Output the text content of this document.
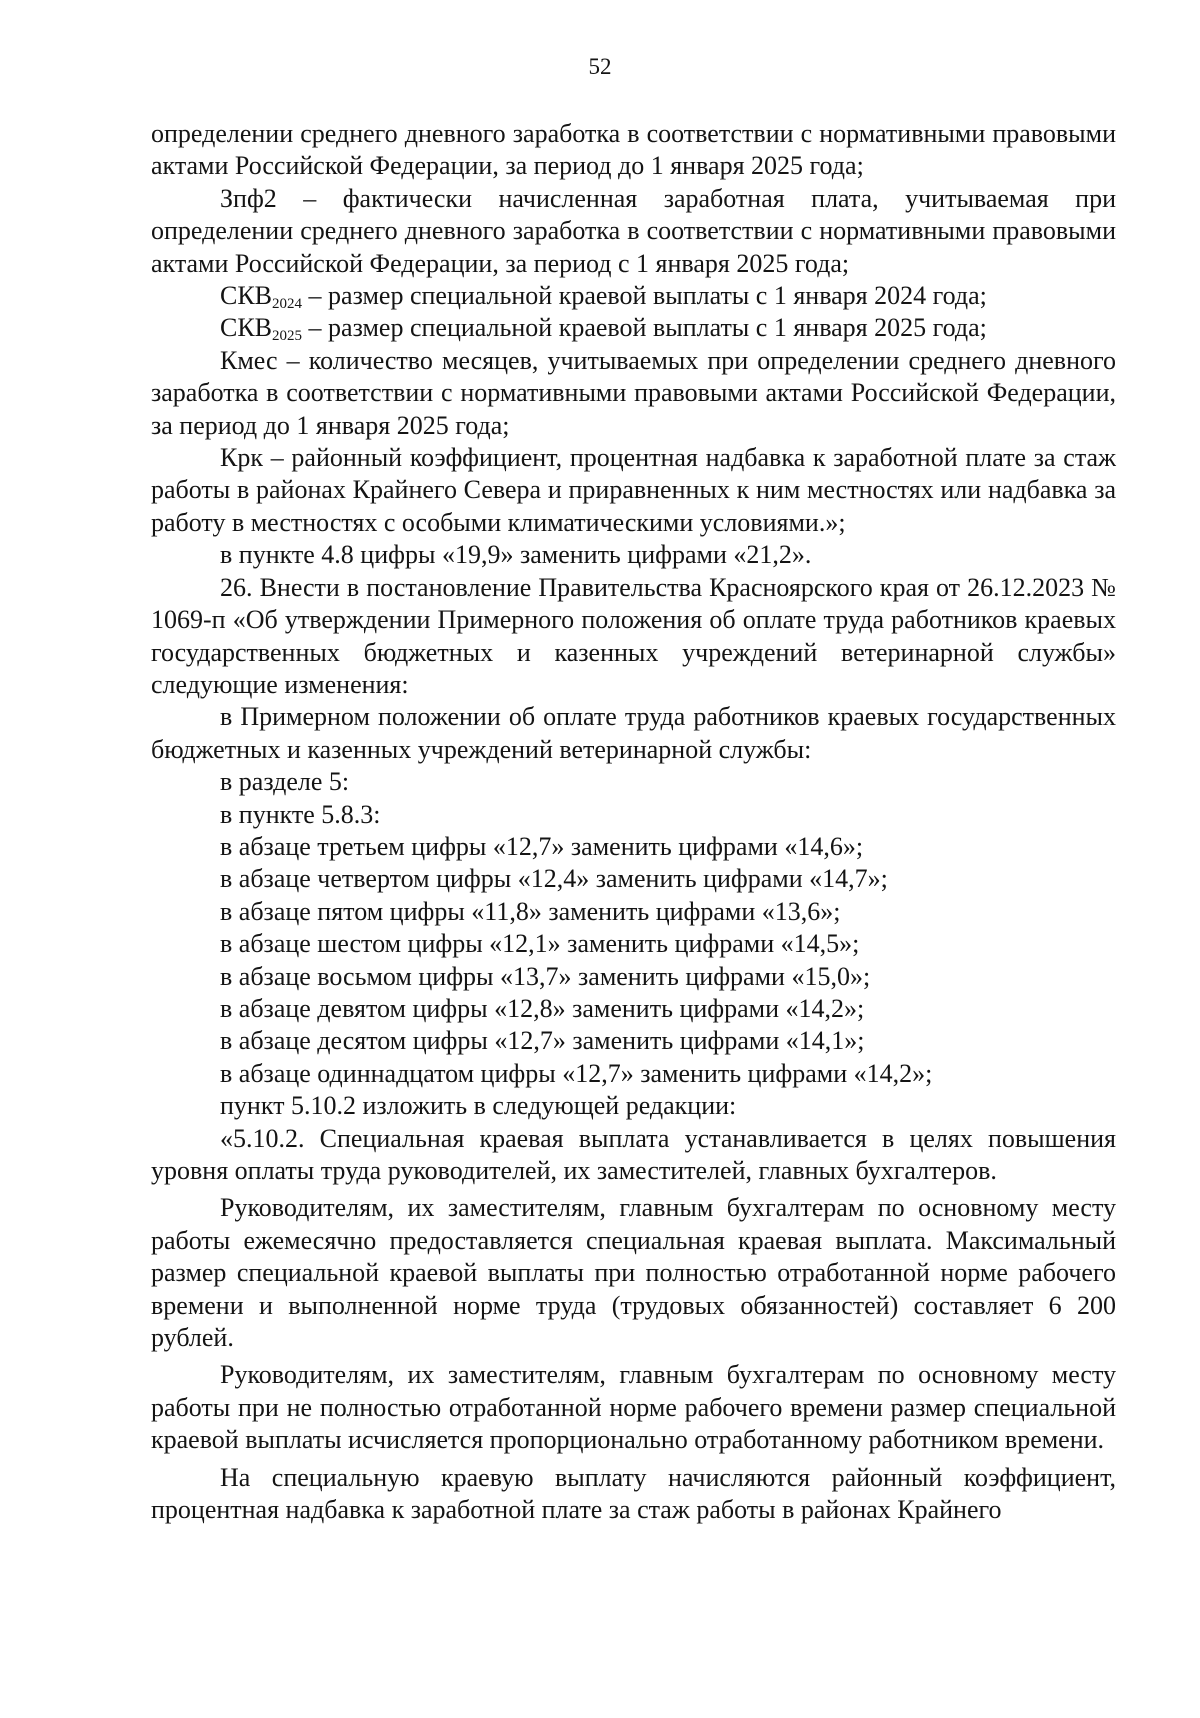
52

определении среднего дневного заработка в соответствии с нормативными правовыми актами Российской Федерации, за период до 1 января 2025 года;

Зпф2 – фактически начисленная заработная плата, учитываемая при определении среднего дневного заработка в соответствии с нормативными правовыми актами Российской Федерации, за период с 1 января 2025 года;

$СКВ_{2024}$ – размер специальной краевой выплаты с 1 января 2024 года;

$СКВ_{2025}$ – размер специальной краевой выплаты с 1 января 2025 года;

Кмес – количество месяцев, учитываемых при определении среднего дневного заработка в соответствии с нормативными правовыми актами Российской Федерации, за период до 1 января 2025 года;

Крк – районный коэффициент, процентная надбавка к заработной плате за стаж работы в районах Крайнего Севера и приравненных к ним местностях или надбавка за работу в местностях с особыми климатическими условиями.»;

в пункте 4.8 цифры «19,9» заменить цифрами «21,2».

26. Внести в постановление Правительства Красноярского края от 26.12.2023 № 1069-п «Об утверждении Примерного положения об оплате труда работников краевых государственных бюджетных и казенных учреждений ветеринарной службы» следующие изменения:

в Примерном положении об оплате труда работников краевых государственных бюджетных и казенных учреждений ветеринарной службы:

в разделе 5:

в пункте 5.8.3:

в абзаце третьем цифры «12,7» заменить цифрами «14,6»;

в абзаце четвертом цифры «12,4» заменить цифрами «14,7»;

в абзаце пятом цифры «11,8» заменить цифрами «13,6»;

в абзаце шестом цифры «12,1» заменить цифрами «14,5»;

в абзаце восьмом цифры «13,7» заменить цифрами «15,0»;

в абзаце девятом цифры «12,8» заменить цифрами «14,2»;

в абзаце десятом цифры «12,7» заменить цифрами «14,1»;

в абзаце одиннадцатом цифры «12,7» заменить цифрами «14,2»;

пункт 5.10.2 изложить в следующей редакции:

«5.10.2. Специальная краевая выплата устанавливается в целях повышения уровня оплаты труда руководителей, их заместителей, главных бухгалтеров.

Руководителям, их заместителям, главным бухгалтерам по основному месту работы ежемесячно предоставляется специальная краевая выплата. Максимальный размер специальной краевой выплаты при полностью отработанной норме рабочего времени и выполненной норме труда (трудовых обязанностей) составляет 6 200 рублей.

Руководителям, их заместителям, главным бухгалтерам по основному месту работы при не полностью отработанной норме рабочего времени размер специальной краевой выплаты исчисляется пропорционально отработанному работником времени.

На специальную краевую выплату начисляются районный коэффициент, процентная надбавка к заработной плате за стаж работы в районах Крайнего
